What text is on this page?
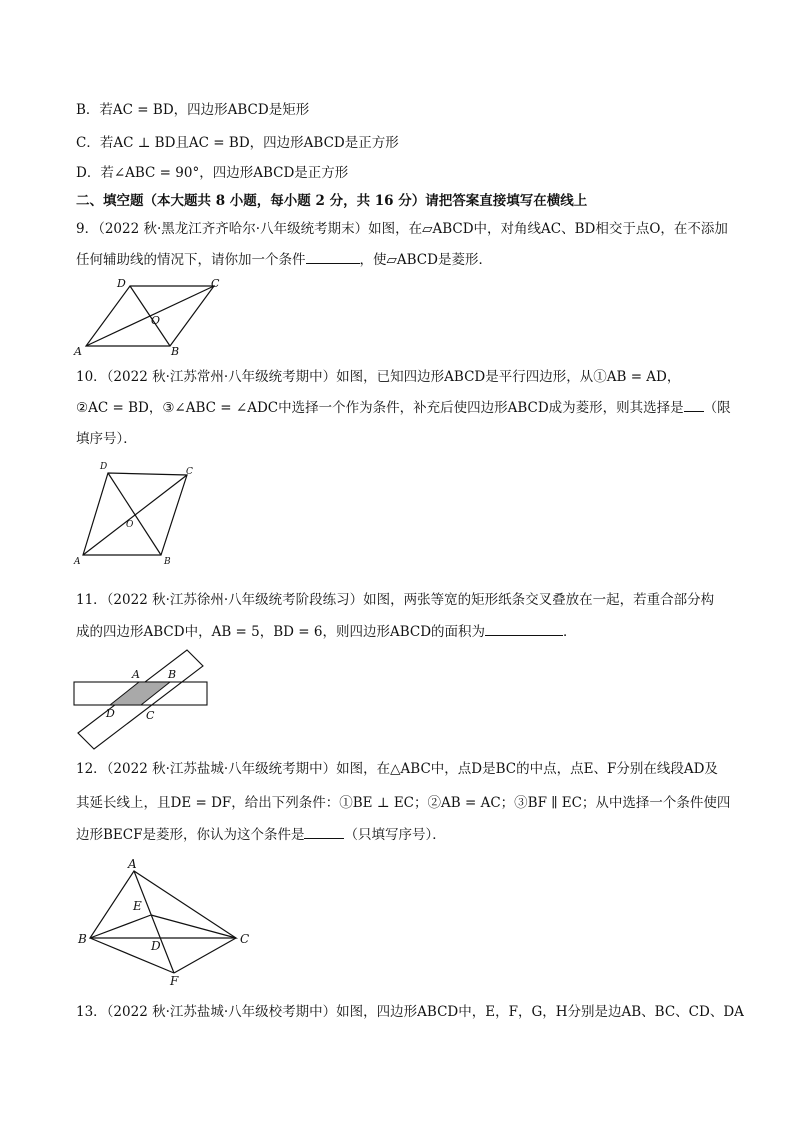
B．若AC = BD，四边形ABCD是矩形
C．若AC ⊥ BD且AC = BD，四边形ABCD是正方形
D．若∠ABC = 90°，四边形ABCD是正方形
二、填空题（本大题共 8 小题，每小题 2 分，共 16 分）请把答案直接填写在横线上
9．（2022 秋·黑龙江齐齐哈尔·八年级统考期末）如图，在▱ABCD中，对角线AC、BD相交于点O，在不添加
任何辅助线的情况下，请你加一个条件	，使▱ABCD是菱形．
A	B
C
D
O
10．（2022 秋·江苏常州·八年级统考期中）如图，已知四边形ABCD是平行四边形，从①AB = AD，
②AC = BD，③∠ABC = ∠ADC中选择一个作为条件，补充后使四边形ABCD成为菱形，则其选择是 （限
填序号）．
A	B
C
D
O
11．（2022 秋·江苏徐州·八年级统考阶段练习）如图，两张等宽的矩形纸条交叉叠放在一起，若重合部分构
成的四边形ABCD中，AB = 5，BD = 6，则四边形ABCD的面积为	．
A	B
C
D
12．（2022 秋·江苏盐城·八年级统考期中）如图，在△ABC中，点D是BC的中点，点E、F分别在线段AD及
其延长线上，且DE = DF，给出下列条件：①BE ⊥ EC；②AB = AC；③BF ∥ EC；从中选择一个条件使四
边形BECF是菱形，你认为这个条件是	（只填写序号）．
A
B	C
D
E
F
13．（2022 秋·江苏盐城·八年级校考期中）如图，四边形ABCD中，E，F，G，H分别是边AB、BC、CD、DA
